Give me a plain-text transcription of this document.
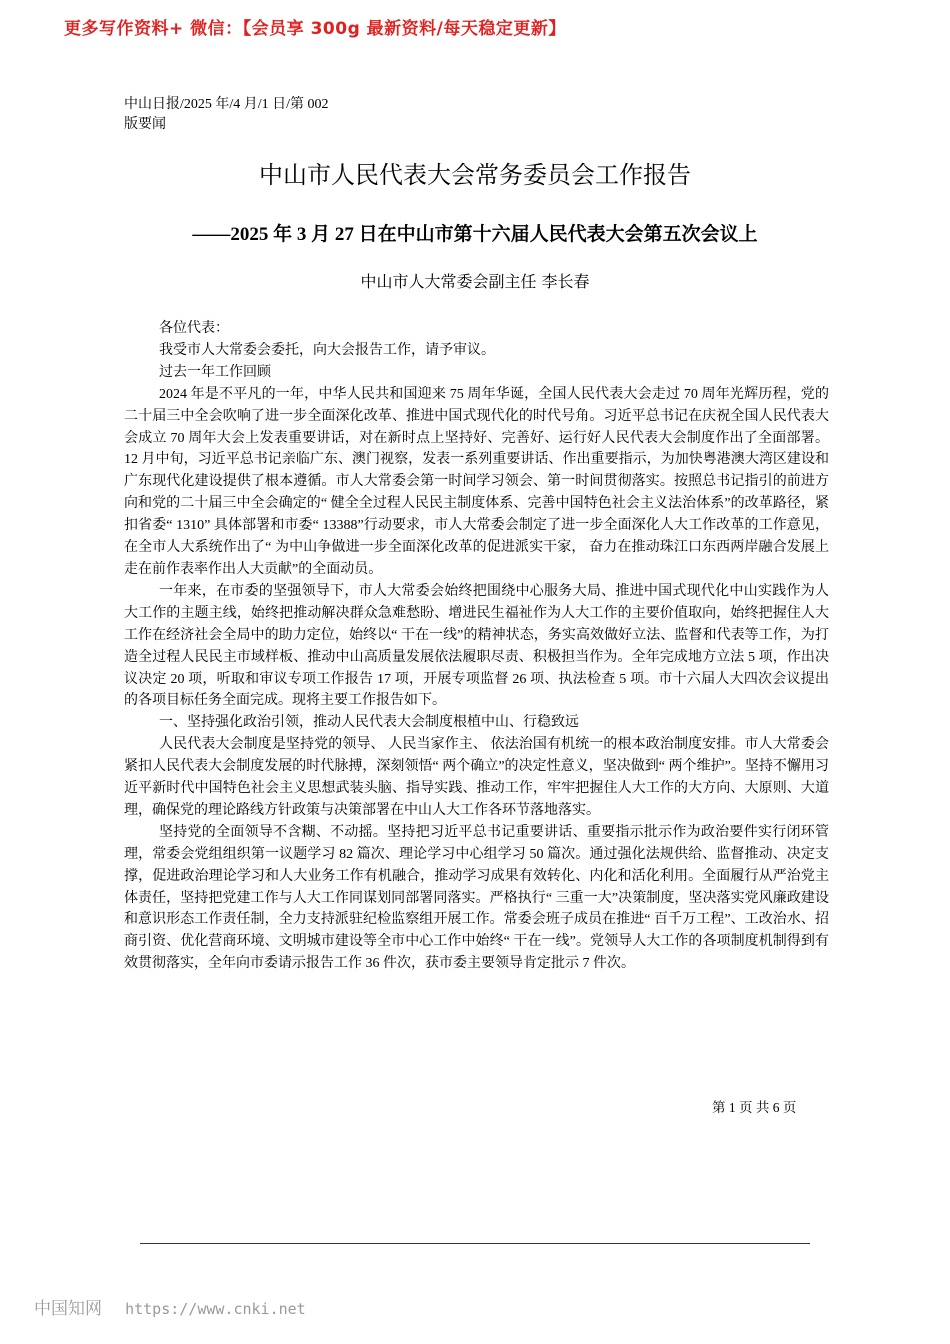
更多写作资料+ 微信：【会员享 300g 最新资料/每天稳定更新】
中山日报/2025 年/4 月/1 日/第 002
版要闻
中山市人民代表大会常务委员会工作报告
——2025 年 3 月 27 日在中山市第十六届人民代表大会第五次会议上
中山市人大常委会副主任 李长春

各位代表：

我受市人大常委会委托，向大会报告工作，请予审议。

过去一年工作回顾

2024 年是不平凡的一年，中华人民共和国迎来 75 周年华诞，全国人民代表大会走过 70 周年光辉历程，党的二十届三中全会吹响了进一步全面深化改革、推进中国式现代化的时代号角。习近平总书记在庆祝全国人民代表大会成立 70 周年大会上发表重要讲话，对在新时点上坚持好、完善好、运行好人民代表大会制度作出了全面部署。12 月中旬，习近平总书记亲临广东、澳门视察，发表一系列重要讲话、作出重要指示，为加快粤港澳大湾区建设和广东现代化建设提供了根本遵循。市人大常委会第一时间学习领会、第一时间贯彻落实。按照总书记指引的前进方向和党的二十届三中全会确定的“ 健全全过程人民民主制度体系、完善中国特色社会主义法治体系”的改革路径，紧扣省委“ 1310” 具体部署和市委“ 13388”行动要求，市人大常委会制定了进一步全面深化人大工作改革的工作意见，在全市人大系统作出了“ 为中山争做进一步全面深化改革的促进派实干家， 奋力在推动珠江口东西两岸融合发展上走在前作表率作出人大贡献”的全面动员。

一年来，在市委的坚强领导下，市人大常委会始终把围绕中心服务大局、推进中国式现代化中山实践作为人大工作的主题主线，始终把推动解决群众急难愁盼、增进民生福祉作为人大工作的主要价值取向，始终把握住人大工作在经济社会全局中的助力定位，始终以“ 干在一线”的精神状态，务实高效做好立法、监督和代表等工作，为打造全过程人民民主市域样板、推动中山高质量发展依法履职尽责、积极担当作为。全年完成地方立法 5 项，作出决议决定 20 项，听取和审议专项工作报告 17 项，开展专项监督 26 项、执法检查 5 项。市十六届人大四次会议提出的各项目标任务全面完成。现将主要工作报告如下。

一、坚持强化政治引领，推动人民代表大会制度根植中山、行稳致远

人民代表大会制度是坚持党的领导、 人民当家作主、 依法治国有机统一的根本政治制度安排。市人大常委会紧扣人民代表大会制度发展的时代脉搏，深刻领悟“ 两个确立”的决定性意义，坚决做到“ 两个维护”。坚持不懈用习近平新时代中国特色社会主义思想武装头脑、指导实践、推动工作，牢牢把握住人大工作的大方向、大原则、大道理，确保党的理论路线方针政策与决策部署在中山人大工作各环节落地落实。

坚持党的全面领导不含糊、不动摇。坚持把习近平总书记重要讲话、重要指示批示作为政治要件实行闭环管理，常委会党组组织第一议题学习 82 篇次、理论学习中心组学习 50 篇次。通过强化法规供给、监督推动、决定支撑，促进政治理论学习和人大业务工作有机融合，推动学习成果有效转化、内化和活化利用。全面履行从严治党主体责任，坚持把党建工作与人大工作同谋划同部署同落实。严格执行“ 三重一大”决策制度，坚决落实党风廉政建设和意识形态工作责任制，全力支持派驻纪检监察组开展工作。常委会班子成员在推进“ 百千万工程”、工改治水、招商引资、优化营商环境、文明城市建设等全市中心工作中始终“ 干在一线”。党领导人大工作的各项制度机制得到有效贯彻落实，全年向市委请示报告工作 36 件次，获市委主要领导肯定批示 7 件次。

第 1 页 共 6 页
中国知网 https://www.cnki.net
